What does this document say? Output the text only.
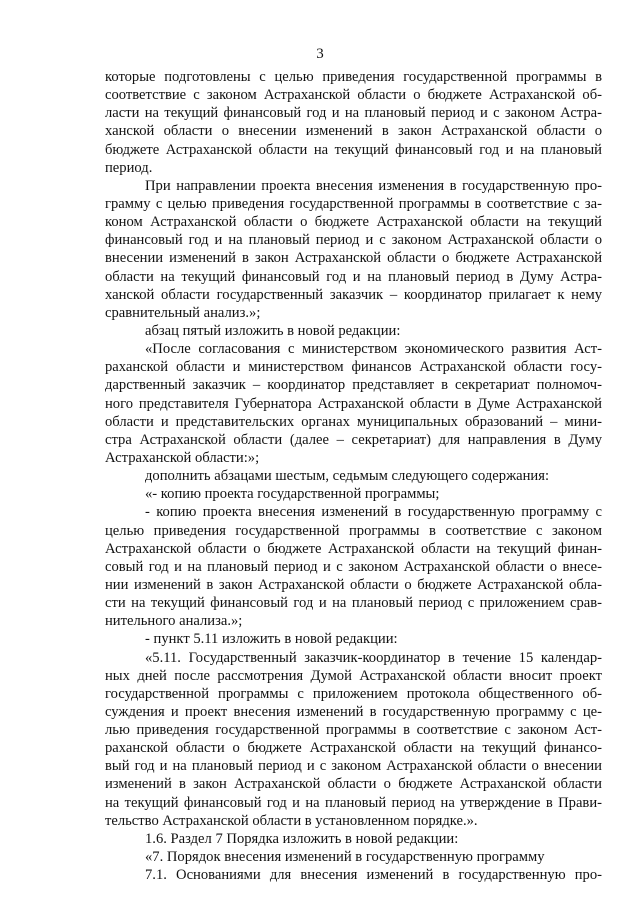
3
которые подготовлены с целью приведения государственной программы в
соответствие с законом Астраханской области о бюджете Астраханской об-
ласти на текущий финансовый год и на плановый период и с законом Астра-
ханской области о внесении изменений в закон Астраханской области о
бюджете Астраханской области на текущий финансовый год и на плановый
период.
При направлении проекта внесения изменения в государственную про-
грамму с целью приведения государственной программы в соответствие с за-
коном Астраханской области о бюджете Астраханской области на текущий
финансовый год и на плановый период и с законом Астраханской области о
внесении изменений в закон Астраханской области о бюджете Астраханской
области на текущий финансовый год и на плановый период в Думу Астра-
ханской области государственный заказчик – координатор прилагает к нему
сравнительный анализ.»;
абзац пятый изложить в новой редакции:
«После согласования с министерством экономического развития Аст-
раханской области и министерством финансов Астраханской области госу-
дарственный заказчик – координатор представляет в секретариат полномоч-
ного представителя Губернатора Астраханской области в Думе Астраханской
области и представительских органах муниципальных образований – мини-
стра Астраханской области (далее – секретариат) для направления в Думу
Астраханской области:»;
дополнить абзацами шестым, седьмым следующего содержания:
«- копию проекта государственной программы;
- копию проекта внесения изменений в государственную программу с
целью приведения государственной программы в соответствие с законом
Астраханской области о бюджете Астраханской области на текущий финан-
совый год и на плановый период и с законом Астраханской области о внесе-
нии изменений в закон Астраханской области о бюджете Астраханской обла-
сти на текущий финансовый год и на плановый период с приложением срав-
нительного анализа.»;
- пункт 5.11 изложить в новой редакции:
«5.11. Государственный заказчик-координатор в течение 15 календар-
ных дней после рассмотрения Думой Астраханской области вносит проект
государственной программы с приложением протокола общественного об-
суждения и проект внесения изменений в государственную программу с це-
лью приведения государственной программы в соответствие с законом Аст-
раханской области о бюджете Астраханской области на текущий финансо-
вый год и на плановый период и с законом Астраханской области о внесении
изменений в закон Астраханской области о бюджете Астраханской области
на текущий финансовый год и на плановый период на утверждение в Прави-
тельство Астраханской области в установленном порядке.».
1.6. Раздел 7 Порядка изложить в новой редакции:
«7. Порядок внесения изменений в государственную программу
7.1. Основаниями для внесения изменений в государственную про-
